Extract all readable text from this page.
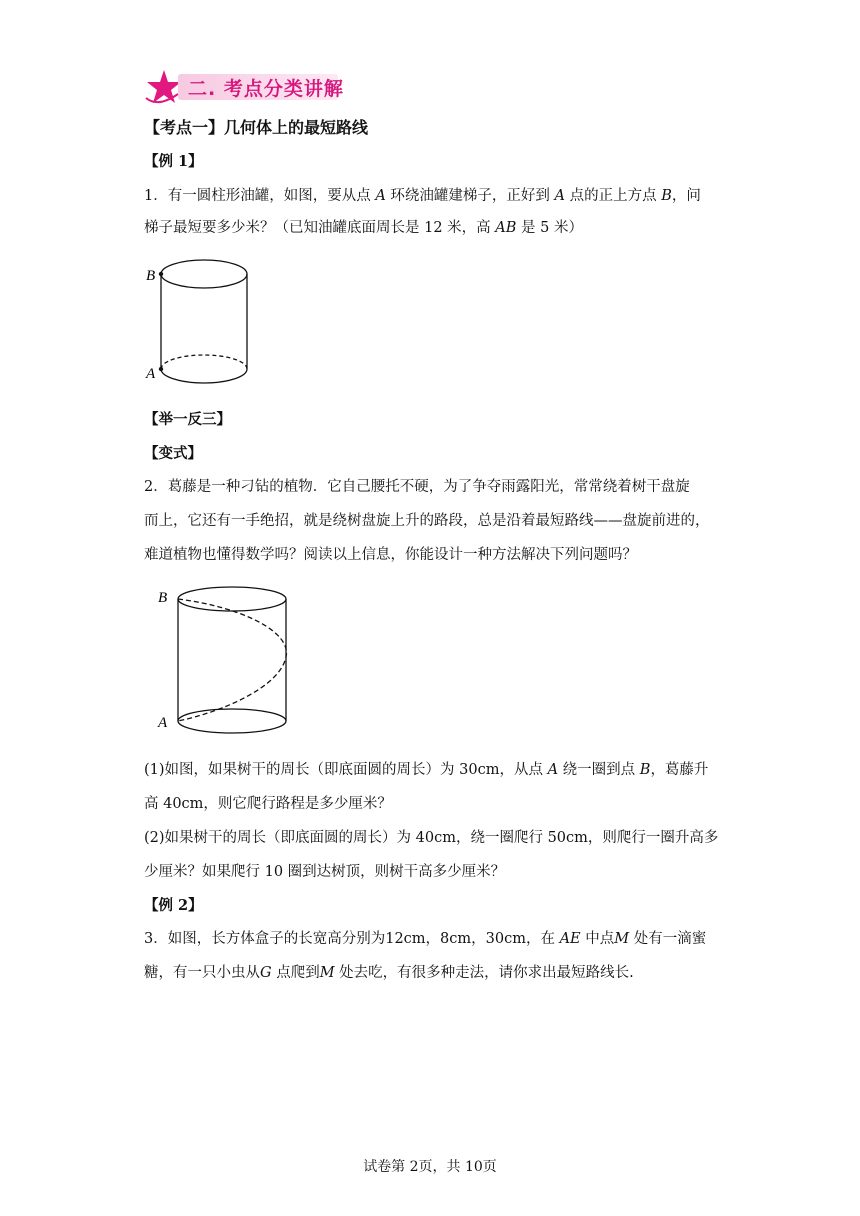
二. 考点分类讲解
【考点一】几何体上的最短路线
【例 1】
1．有一圆柱形油罐，如图，要从点 A 环绕油罐建梯子，正好到 A 点的正上方点 B，问
梯子最短要多少米？（已知油罐底面周长是 12 米，高 AB 是 5 米）
B
A
【举一反三】
【变式】
2．葛藤是一种刁钻的植物．它自己腰托不硬，为了争夺雨露阳光，常常绕着树干盘旋
而上，它还有一手绝招，就是绕树盘旋上升的路段，总是沿着最短路线——盘旋前进的，
难道植物也懂得数学吗？阅读以上信息，你能设计一种方法解决下列问题吗？
B
A
(1)如图，如果树干的周长（即底面圆的周长）为 30cm，从点 A 绕一圈到点 B，葛藤升
高 40cm，则它爬行路程是多少厘米？
(2)如果树干的周长（即底面圆的周长）为 40cm，绕一圈爬行 50cm，则爬行一圈升高多
少厘米？如果爬行 10 圈到达树顶，则树干高多少厘米？
【例 2】
3．如图，长方体盒子的长宽高分别为12cm，8cm，30cm，在 AE 中点M 处有一滴蜜
糖，有一只小虫从G 点爬到M 处去吃，有很多种走法，请你求出最短路线长.
试卷第 2页，共 10页
